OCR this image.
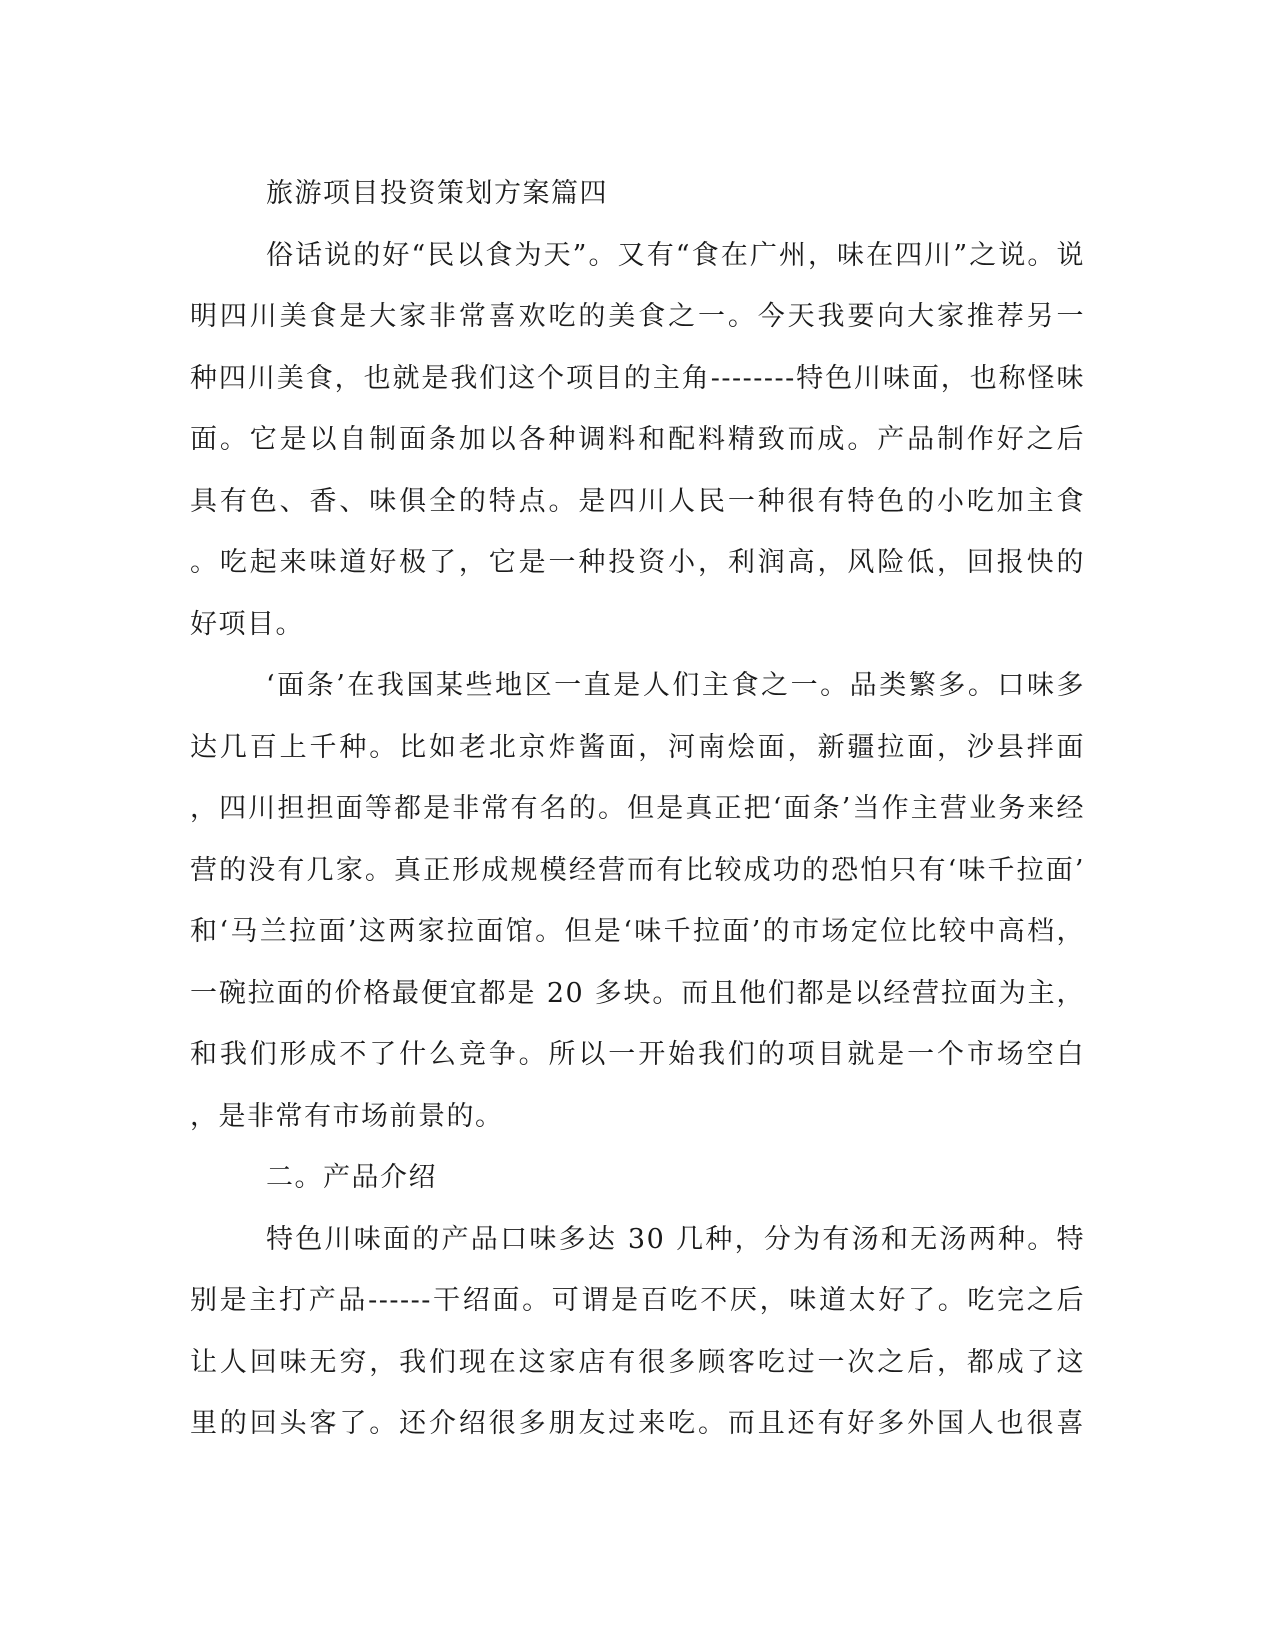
旅游项目投资策划方案篇四
俗话说的好“民以食为天”。又有“食在广州，味在四川”之说。说
明四川美食是大家非常喜欢吃的美食之一。今天我要向大家推荐另一
种四川美食，也就是我们这个项目的主角--------特色川味面，也称怪味
面。它是以自制面条加以各种调料和配料精致而成。产品制作好之后
具有色、香、味俱全的特点。是四川人民一种很有特色的小吃加主食
。吃起来味道好极了，它是一种投资小，利润高，风险低，回报快的
好项目。
‘面条’在我国某些地区一直是人们主食之一。品类繁多。口味多
达几百上千种。比如老北京炸酱面，河南烩面，新疆拉面，沙县拌面
，四川担担面等都是非常有名的。但是真正把‘面条’当作主营业务来经
营的没有几家。真正形成规模经营而有比较成功的恐怕只有‘味千拉面’
和‘马兰拉面’这两家拉面馆。但是‘味千拉面’的市场定位比较中高档，
一碗拉面的价格最便宜都是 20 多块。而且他们都是以经营拉面为主，
和我们形成不了什么竞争。所以一开始我们的项目就是一个市场空白
，是非常有市场前景的。
二。产品介绍
特色川味面的产品口味多达 30 几种，分为有汤和无汤两种。特
别是主打产品------干绍面。可谓是百吃不厌，味道太好了。吃完之后
让人回味无穷，我们现在这家店有很多顾客吃过一次之后，都成了这
里的回头客了。还介绍很多朋友过来吃。而且还有好多外国人也很喜
